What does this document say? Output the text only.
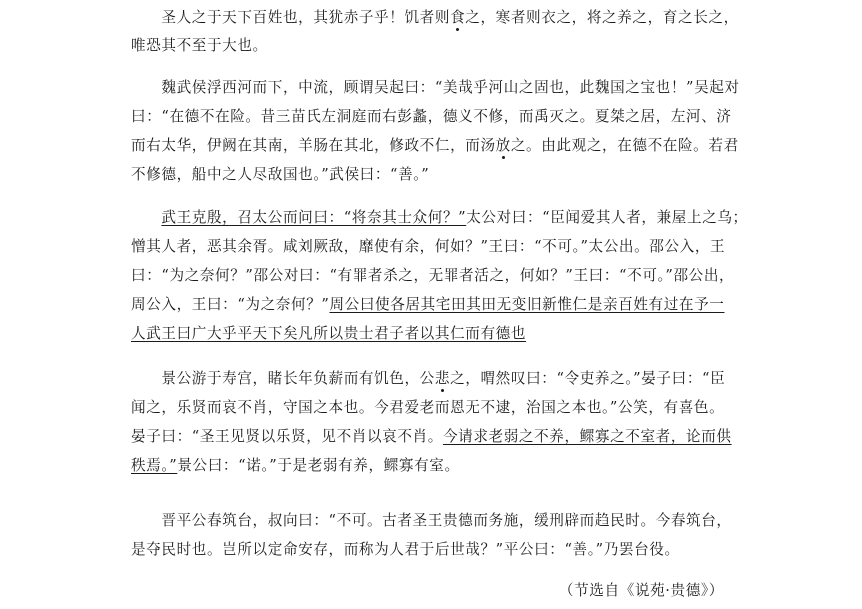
　　圣人之于天下百姓也，其犹赤子乎！饥者则食之，寒者则衣之，将之养之，育之长之，
唯恐其不至于大也。
　　魏武侯浮西河而下，中流，顾谓吴起曰：“美哉乎河山之固也，此魏国之宝也！”吴起对
曰：“在德不在险。昔三苗氏左洞庭而右彭蠡，德义不修，而禹灭之。夏桀之居，左河、济
而右太华，伊阙在其南，羊肠在其北，修政不仁，而汤放之。由此观之，在德不在险。若君
不修德，船中之人尽敌国也。”武侯曰：“善。”
　　武王克殷，召太公而问曰：“将奈其士众何？”太公对曰：“臣闻爱其人者，兼屋上之乌；
憎其人者，恶其余胥。咸刘厥敌，靡使有余，何如？”王曰：“不可。”太公出。邵公入，王
曰：“为之奈何？”邵公对曰：“有罪者杀之，无罪者活之，何如？”王曰：“不可。”邵公出，
周公入，王曰：“为之奈何？”周公曰使各居其宅田其田无变旧新惟仁是亲百姓有过在予一
人武王曰广大乎平天下矣凡所以贵士君子者以其仁而有德也
　　景公游于寿宫，睹长年负薪而有饥色，公悲之，喟然叹曰：“令吏养之。”晏子曰：“臣
闻之，乐贤而哀不肖，守国之本也。今君爱老而恩无不逮，治国之本也。”公笑，有喜色。
晏子曰：“圣王见贤以乐贤，见不肖以哀不肖。今请求老弱之不养，鳏寡之不室者，论而供
秩焉。”景公曰：“诺。”于是老弱有养，鳏寡有室。
　　晋平公春筑台，叔向曰：“不可。古者圣王贵德而务施，缓刑辟而趋民时。今春筑台，
是夺民时也。岂所以定命安存，而称为人君于后世哉？”平公曰：“善。”乃罢台役。
（节选自《说苑·贵德》）
